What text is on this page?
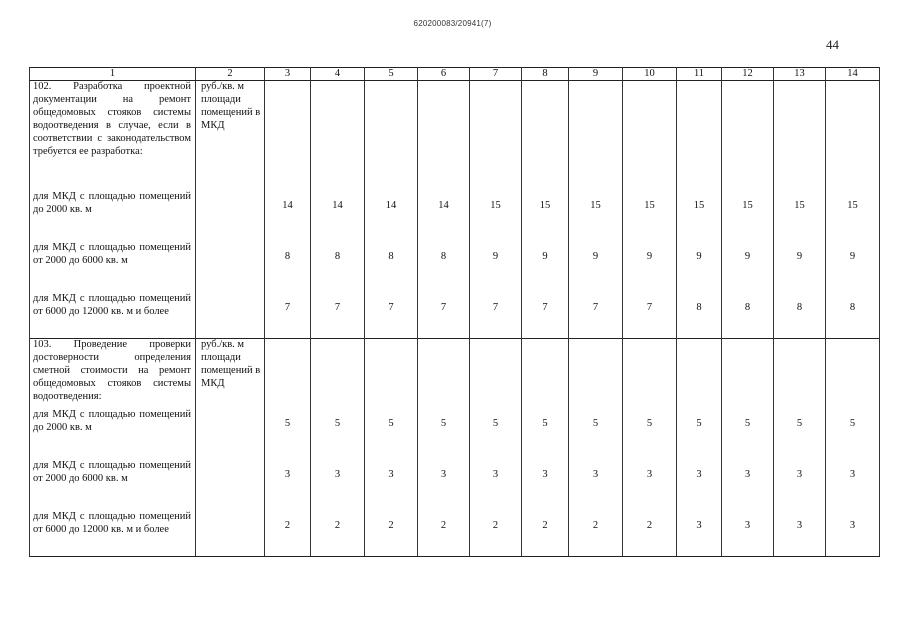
620200083/20941(7)
44
1	2	3	4	5	6	7	8	9	10	11	12	13	14
102. Разработка проектной документации на ремонт общедомовых стояков системы водоотведения в случае, если в соответствии с законодательством требуется ее разработка:	руб./кв. м площади помещений в МКД												
для МКД с площадью помещений до 2000 кв. м		14	14	14	14	15	15	15	15	15	15	15	15
для МКД с площадью помещений от 2000 до 6000 кв. м		8	8	8	8	9	9	9	9	9	9	9	9
для МКД с площадью помещений от 6000 до 12000 кв. м и более		7	7	7	7	7	7	7	7	8	8	8	8
103. Проведение проверки достоверности определения сметной стоимости на ремонт общедомовых стояков системы водоотведения:	руб./кв. м площади помещений в МКД												
для МКД с площадью помещений до 2000 кв. м		5	5	5	5	5	5	5	5	5	5	5	5
для МКД с площадью помещений от 2000 до 6000 кв. м		3	3	3	3	3	3	3	3	3	3	3	3
для МКД с площадью помещений от 6000 до 12000 кв. м и более		2	2	2	2	2	2	2	2	3	3	3	3
